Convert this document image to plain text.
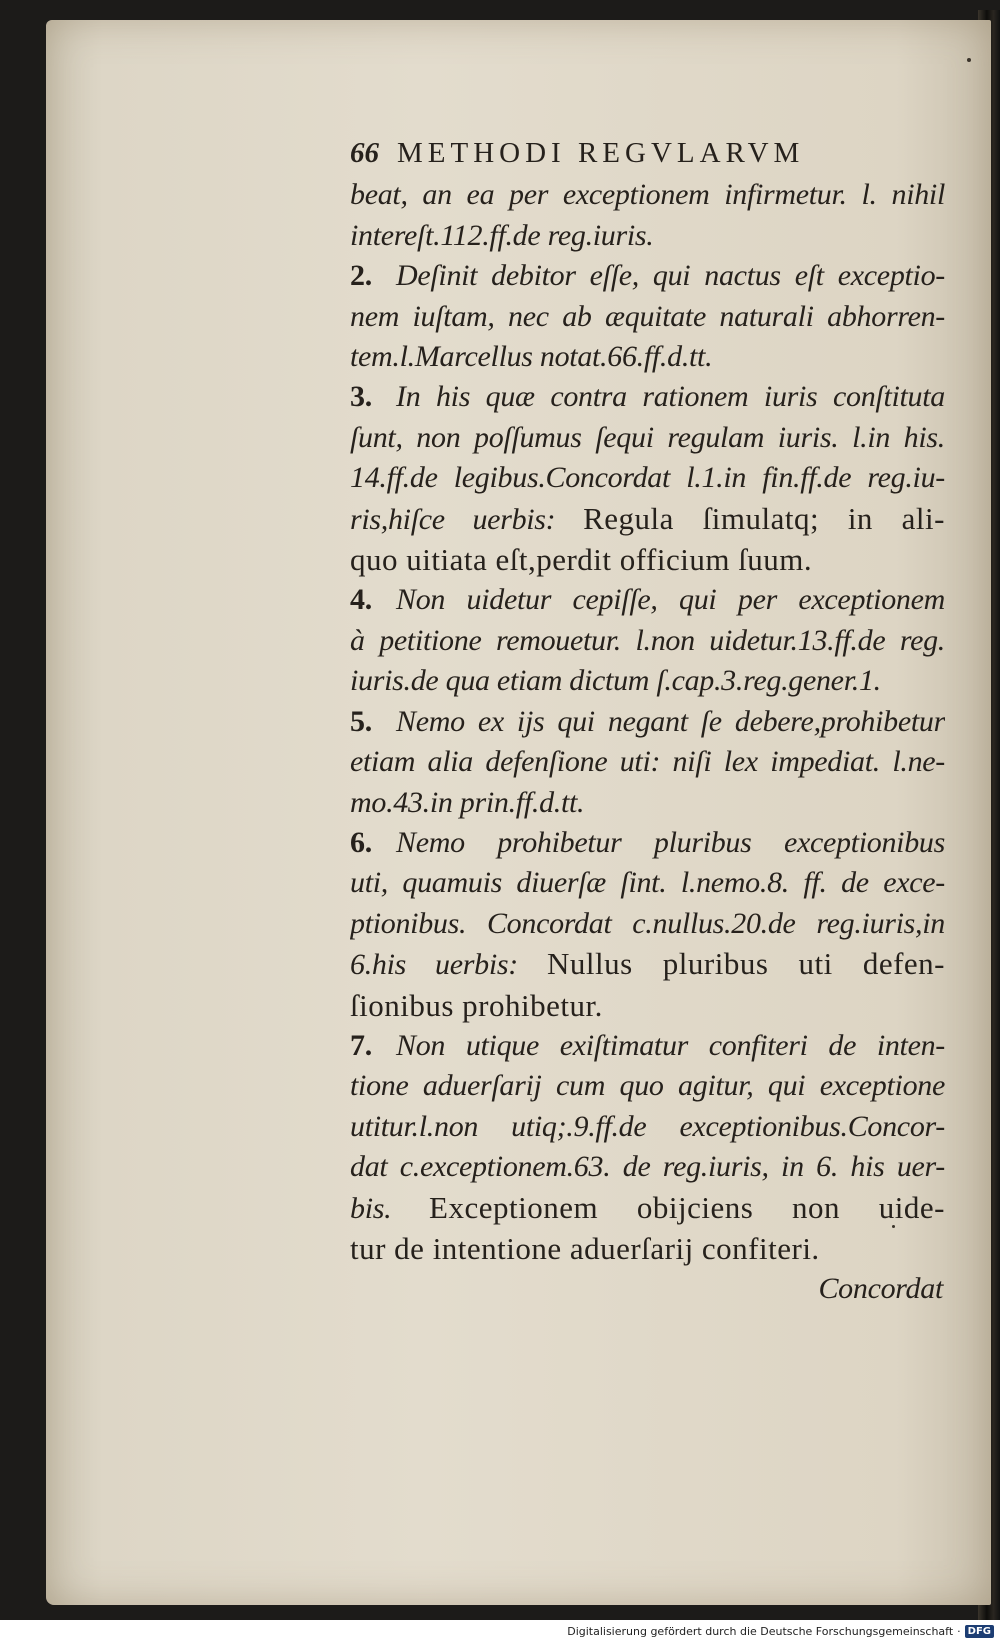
66 METHODI REGVLARVM
beat, an ea per exceptionem infirmetur. l. nihil
intereſt.112.ff.de reg.iuris.
2. Deſinit debitor eſſe, qui nactus eſt exceptio-
nem iuſtam, nec ab æquitate naturali abhorren-
tem.l.Marcellus notat.66.ff.d.tt.
3. In his quæ contra rationem iuris conſtituta
ſunt, non poſſumus ſequi regulam iuris. l.in his.
14.ff.de legibus.Concordat l.1.in fin.ff.de reg.iu-
ris,hiſce uerbis: Regula ſimulatq; in ali-
quo uitiata eſt,perdit officium ſuum.
4. Non uidetur cepiſſe, qui per exceptionem
à petitione remouetur. l.non uidetur.13.ff.de reg.
iuris.de qua etiam dictum ſ.cap.3.reg.gener.1.
5. Nemo ex ijs qui negant ſe debere,prohibetur
etiam alia defenſione uti: niſi lex impediat. l.ne-
mo.43.in prin.ff.d.tt.
6. Nemo prohibetur pluribus exceptionibus
uti, quamuis diuerſæ ſint. l.nemo.8. ff. de exce-
ptionibus. Concordat c.nullus.20.de reg.iuris,in
6.his uerbis: Nullus pluribus uti defen-
ſionibus prohibetur.
7. Non utique exiſtimatur confiteri de inten-
tione aduerſarij cum quo agitur, qui exceptione
utitur.l.non utiq;.9.ff.de exceptionibus.Concor-
dat c.exceptionem.63. de reg.iuris, in 6. his uer-
bis. Exceptionem obijciens non uide-
tur de intentione aduerſarij confiteri.
Concordat
Digitalisierung gefördert durch die Deutsche Forschungsgemeinschaft · DFG
